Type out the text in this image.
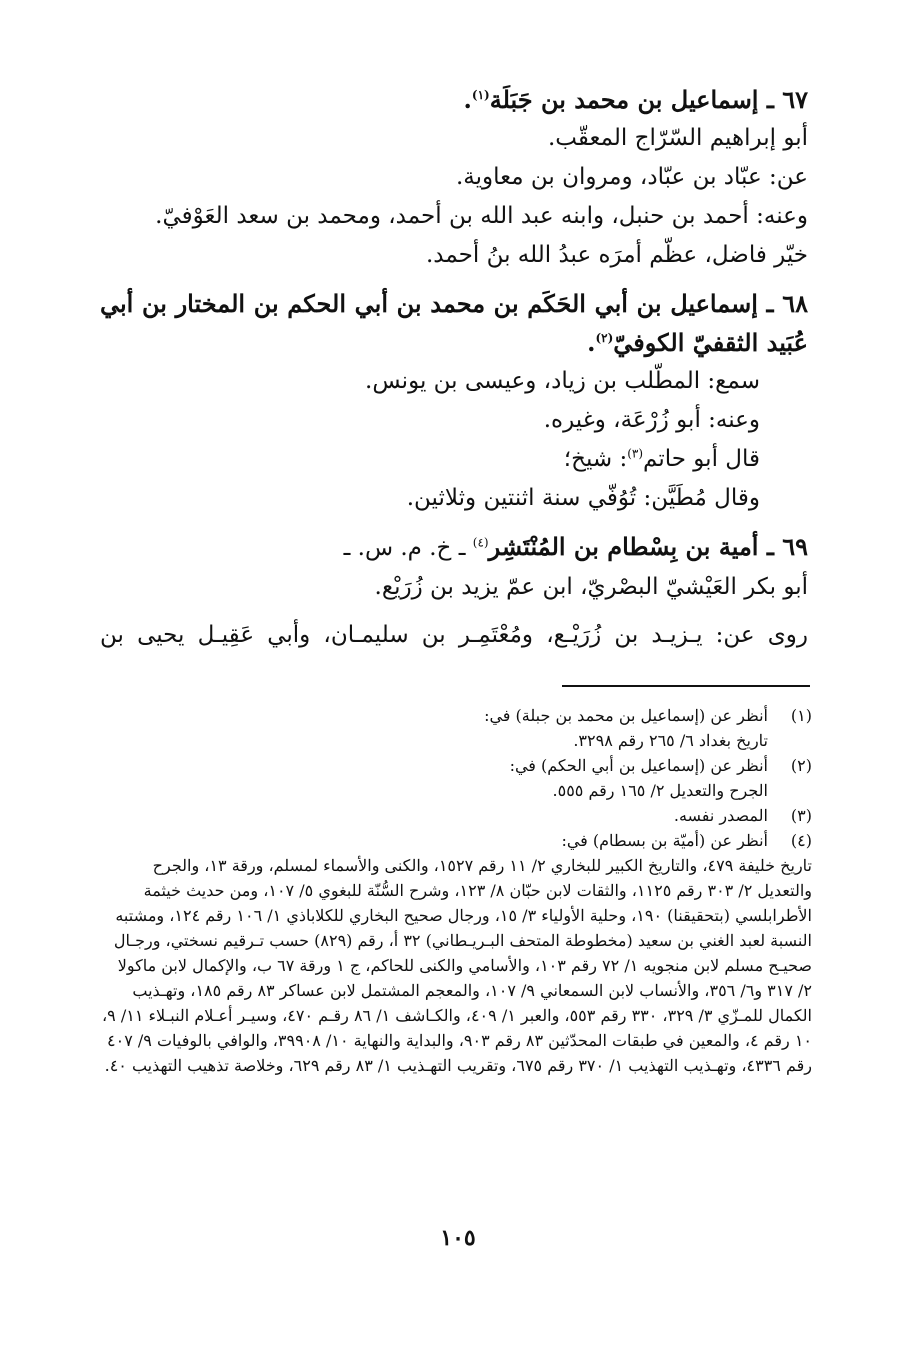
٦٧ ـ إسماعيل بن محمد بن جَبَلَة$^{(١)}$.
أبو إبراهيم السّرّاج المعقّب.
عن: عبّاد بن عبّاد، ومروان بن معاوية.
وعنه: أحمد بن حنبل، وابنه عبد الله بن أحمد، ومحمد بن سعد العَوْفيّ.
خيّر فاضل، عظّم أمرَه عبدُ الله بنُ أحمد.
٦٨ ـ إسماعيل بن أبي الحَكَم بن محمد بن أبي الحكم بن المختار بن أبي
عُبَيد الثقفيّ الكوفيّ$^{(٢)}$.
سمع: المطّلب بن زياد، وعيسى بن يونس.
وعنه: أبو زُرْعَة، وغيره.
قال أبو حاتم$^{(٣)}$: شيخ؛
وقال مُطَيَّن: تُوُفّي سنة اثنتين وثلاثين.
٦٩ ـ أمية بن بِسْطام بن المُنْتَشِر$^{(٤)}$ ـ خ. م. س. ـ
أبو بكر العَيْشيّ البصْريّ، ابن عمّ يزيد بن زُرَيْع.
روى عن: يـزيـد بن زُرَيْـع، ومُعْتَمِـر بن سليمـان، وأبي عَقِيـل يحيى بن
(١)
أنظر عن (إسماعيل بن محمد بن جبلة) في:
تاريخ بغداد ٦/ ٢٦٥ رقم ٣٢٩٨.
(٢)
أنظر عن (إسماعيل بن أبي الحكم) في:
الجرح والتعديل ٢/ ١٦٥ رقم ٥٥٥.
(٣)
المصدر نفسه.
(٤)
أنظر عن (أميّة بن بسطام) في:
تاريخ خليفة ٤٧٩، والتاريخ الكبير للبخاري ٢/ ١١ رقم ١٥٢٧، والكنى والأسماء لمسلم، ورقة ١٣، والجرح والتعديل ٢/ ٣٠٣ رقم ١١٢٥، والثقات لابن حبّان ٨/ ١٢٣، وشرح السُّنّة للبغوي ٥/ ١٠٧، ومن حديث خيثمة الأطرابلسي (بتحقيقنا) ١٩٠، وحلية الأولياء ٣/ ١٥، ورجال صحيح البخاري للكلاباذي ١/ ١٠٦ رقم ١٢٤، ومشتبه النسبة لعبد الغني بن سعيد (مخطوطة المتحف البـريـطاني) ٣٢ أ، رقم (٨٢٩) حسب تـرقيم نسختي، ورجـال صحيـح مسلم لابن منجويه ١/ ٧٢ رقم ١٠٣، والأسامي والكنى للحاكم، ج ١ ورقة ٦٧ ب، والإكمال لابن ماكولا ٢/ ٣١٧ و٦/ ٣٥٦، والأنساب لابن السمعاني ٩/ ١٠٧، والمعجم المشتمل لابن عساكر ٨٣ رقم ١٨٥، وتهـذيب الكمال للمـزّي ٣/ ٣٢٩، ٣٣٠ رقم ٥٥٣، والعبر ١/ ٤٠٩، والكـاشف ١/ ٨٦ رقـم ٤٧٠، وسيـر أعـلام النبـلاء ١١/ ٩، ١٠ رقم ٤، والمعين في طبقات المحدّثين ٨٣ رقم ٩٠٣، والبداية والنهاية ١٠/ ٣٩٩٠٨، والوافي بالوفيات ٩/ ٤٠٧ رقم ٤٣٣٦، وتهـذيب التهذيب ١/ ٣٧٠ رقم ٦٧٥، وتقريب التهـذيب ١/ ٨٣ رقم ٦٢٩، وخلاصة تذهيب التهذيب ٤٠.
١٠٥
